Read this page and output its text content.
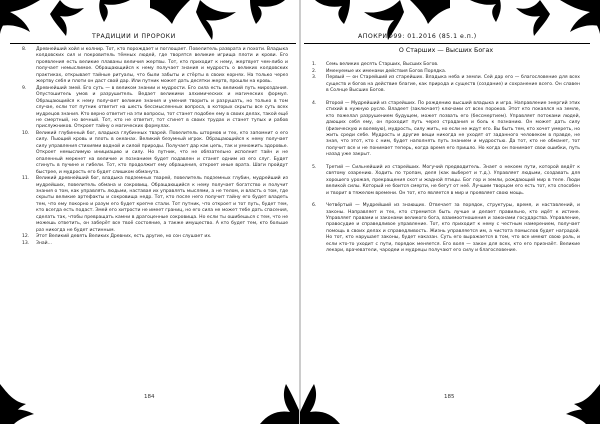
ТРАДИЦИИ И ПРОРОКИ
8.	Древнейший хойл и колнир. Тот, кто порождает и поглощает. Повелитель разврата и похоти. Владыка колдовских сил и покровитель тёмных людей, где творятся великие игрища плоти и крови. Его проявления есть великие плаваны величия жертвы. Тот, кто приходит к нему, жертвует чем-либо и получает немыслимое. Обращающийся к нему получает знания и мудрость о великих колдовских практиках, открывает тайные ритуалы, что были забыты и стёрты в своих корнях. На только через жертву себя и плоти он даст свой дар. Или путник может дать десятки жертв, прошли на кровь.
9.	Древнейший змей. Его суть — в великом знании и мудрости. Его сила есть великий путь мироздания. Опустошитель умов и разрушитель. Ведает великими алхимических и магических формул. Обращающийся к нему получает великие знания и умения творить и разрушать, но только в том случае, если тот путник ответит на шесть бессмысленных вопроса, в которых скрыты все суть всех мудрецов знания. Кто верно ответит на эти вопросы, тот станет подобен ему в своих делах, такой ещё не смертный, но вечный. Тот, кто не ответит, тот сгинет в своих трудах и станет тупых и рабов прислужников. Откроет тайну о магических формулах.
10.	Великий глубинный бог, владыка глубинных тварей. Повелитель штормов и тех, кто запомнит о его силу. Пьющий кровь и плоть в океанах. Великий безумный игрок. Обращающийся к нему получает силу управления стихиями водной и силой природы. Получает дар как цепь, так и умножить здоровье. Откроет немыслимую инициацию и силу. Но путник, что не обязательно исполнит тайн и не опаленный меркнет на величие и познанием будет подавлен и станет одним из его слуг. Будет сгинуть в пучине и гибели. Тот, кто продолжит ему обращения, откроет иные врата. Шаги пройдут быстрее, и мудрость его будет слишком обманута.
11.	Великий древнейший бог, владыка подземных тварей, повелитель подземных глубин, мудрейший из мудрейших, повелитель обмана и сокровищ. Обращающийся к нему получает богатство и получит знания о том, как управлять людьми, наставая их управлять мыслями, а не телом, и власть о том, где скрыты великие артефакты и сокровища недр. Тот, кто после него получит тайну его будет владеть тем, что ему покорно и разум его будет крепче стали. Тот путник, что откроет и тот путь, будет тем, кто всегда есть подаст. Змей его хитрости не имеет границ, но его сила не может тебе дать спасения, сделать так, чтобы превращать камни в драгоценные сокровища. Но если ты ошибешься с тем, что не можешь ответить, он заберёт все твоё состояние, а также имущество. А кто будет тем, кто больше раз никогда не будет истинным.
12.	Этот Великий девять Великих Древних, есть другие, но сон слушает их.
13.	Знай...
184
АПОКРИФ99: 01.2016 (85.1 е.п.)
О Старших — Высших Богах
1.	Семь великих десять Старших, Высших Богов.
2.	Именуемые их именами действия Богов Порядка.
3.	Первый — он Старейший из старейших. Владыка неба и земли. Сей дар его — благословение для всех существ и богов на действие благие, как природа и существ (создание) и сохранение всего. Он славен в Солнце Высших Богов.
4.	Второй — Мудрейший из старейших. По рождению высший владыка и игра. Направление энергий этих стихий в нужную русло. Владеет (заключает) ключами от всех пороков. Этот кто покаялся на земле, кто пожелал разрушением будущем, может позвать его (бессмертием). Управляет потоками людей, дающих себя ему, он проходит путь через страдания и боль к познанию. Он может дать силу (физическую и волевую), мудрость, силу жить, но если не ждут его. Вы быть тем, кто хочет умереть, но жить среди себе. Мудрость и другие вещи никогда не уходят от заданного человеком в правде, не зная, что этот, кто с ним, будет наполнять путь знанием и мудростью. Да тот, кто не обманет, тот получит все и не понимает теперь, когда время его пришло. Но когда он понимает свои ошибки, путь назад уже закрыт.
5.	Третий — Сильнейший из старейших. Могучий предводитель. Знает о некоем пути, которой ведёт к святому озарению. Ходить по тропам, деля (как выберет и т.д.). Управляет людьми, создавать для хорошего урожая, прекращения скот и жадной птицы. Бог гор и земли, рождающий мир в теле. Люди великой силы. Который не боится смерти, не бегут от неё. Лучшим творцом его есть тот, кто способен и творит в тяжелом времени. Он тот, кто является в мир и проявляет свою мощь.
6.	Четвёртый — Мудрейший из знающих. Отвечает за порядок, структуры, время, и наставлений, и законы. Направляет и тех, кто стремится быть лучше и делает правильно, кто идёт к истине. Управляет правами и законами великого бога, взаимоотношения и законами государства. Управление, правосудие и справедливое управление. Тот, кто приходит к нему с честным намерением, получает помощь в своих делах и справедливость. Жизнь управляется им, а чистота помыслов будет наградой. Но тот, кто нарушает законы, будет наказан. Суть его выражается в том, что все имеют свою роль, и если кто-то уходит с пути, порядок меняется. Его воля — закон для всех, кто его признаёт. Великие лекари, врачеватели, чародеи и мудрецы получают его силу и благословение.
185
